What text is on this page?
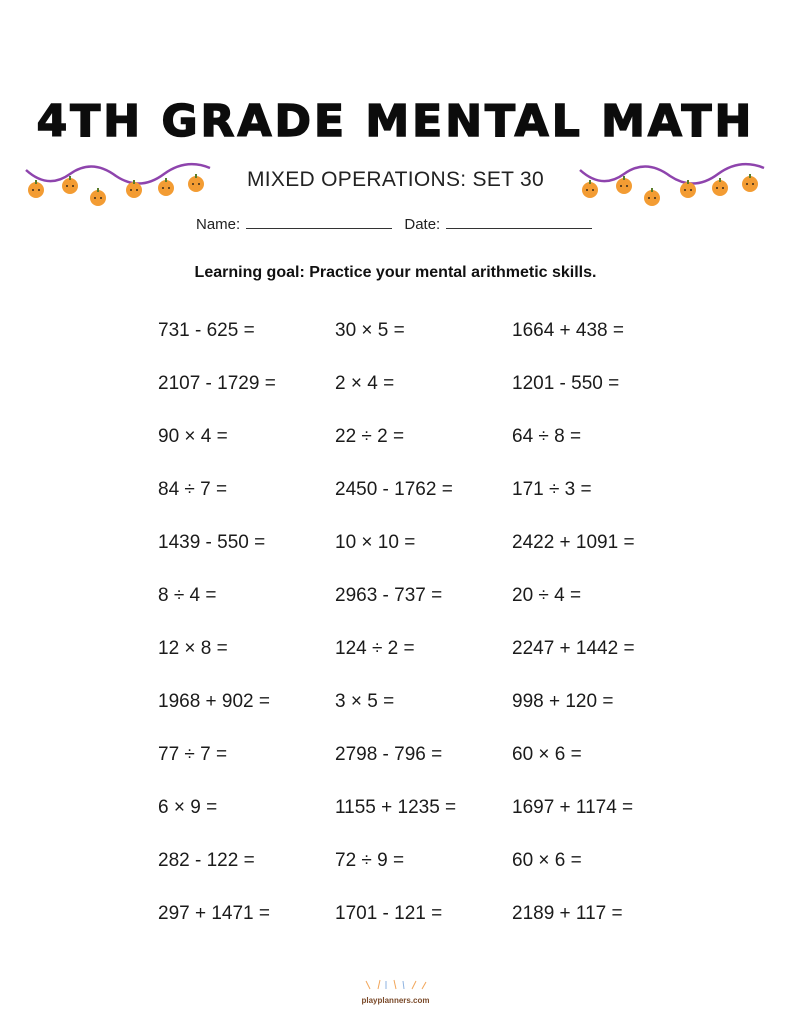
4TH GRADE MENTAL MATH
MIXED OPERATIONS: SET 30
Name:	Date:
Learning goal: Practice your mental arithmetic skills.
731 - 625 =	30 × 5 =	1664 + 438 =
2107 - 1729 =	2 × 4 =	1201 - 550 =
90 × 4 =	22 ÷ 2 =	64 ÷ 8 =
84 ÷ 7 =	2450 - 1762 =	171 ÷ 3 =
1439 - 550 =	10 × 10 =	2422 + 1091 =
8 ÷ 4 =	2963 - 737 =	20 ÷ 4 =
12 × 8 =	124 ÷ 2 =	2247 + 1442 =
1968 + 902 =	3 × 5 =	998 + 120 =
77 ÷ 7 =	2798 - 796 =	60 × 6 =
6 × 9 =	1155 + 1235 =	1697 + 1174 =
282 - 122 =	72 ÷ 9 =	60 × 6 =
297 + 1471 =	1701 - 121 =	2189 + 117 =
playplanners.com
